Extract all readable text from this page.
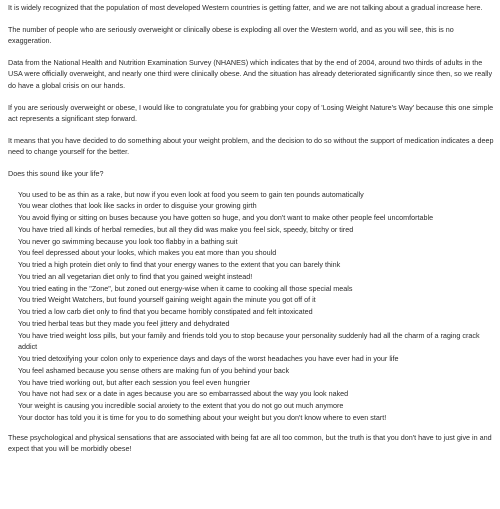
It is widely recognized that the population of most developed Western countries is getting fatter, and we are not talking about a gradual increase here.

The number of people who are seriously overweight or clinically obese is exploding all over the Western world, and as you will see, this is no exaggeration.

Data from the National Health and Nutrition Examination Survey (NHANES) which indicates that by the end of 2004, around two thirds of adults in the USA were officially overweight, and nearly one third were clinically obese. And the situation has already deteriorated significantly since then, so we really do have a global crisis on our hands.

If you are seriously overweight or obese, I would like to congratulate you for grabbing your copy of 'Losing Weight Nature's Way' because this one simple act represents a significant step forward.

It means that you have decided to do something about your weight problem, and the decision to do so without the support of medication indicates a deep need to change yourself for the better.

Does this sound like your life?

You used to be as thin as a rake, but now if you even look at food you seem to gain ten pounds automatically
You wear clothes that look like sacks in order to disguise your growing girth
You avoid flying or sitting on buses because you have gotten so huge, and you don't want to make other people feel uncomfortable
You have tried all kinds of herbal remedies, but all they did was make you feel sick, speedy, bitchy or tired
You never go swimming because you look too flabby in a bathing suit
You feel depressed about your looks, which makes you eat more than you should
You tried a high protein diet only to find that your energy wanes to the extent that you can barely think
You tried an all vegetarian diet only to find that you gained weight instead!
You tried eating in the "Zone", but zoned out energy-wise when it came to cooking all those special meals
You tried Weight Watchers, but found yourself gaining weight again the minute you got off of it
You tried a low carb diet only to find that you became horribly constipated and felt intoxicated
You tried herbal teas but they made you feel jittery and dehydrated
You have tried weight loss pills, but your family and friends told you to stop because your personality suddenly had all the charm of a raging crack addict
You tried detoxifying your colon only to experience days and days of the worst headaches you have ever had in your life
You feel ashamed because you sense others are making fun of you behind your back
You have tried working out, but after each session you feel even hungrier
You have not had sex or a date in ages because you are so embarrassed about the way you look naked
Your weight is causing you incredible social anxiety to the extent that you do not go out much anymore
Your doctor has told you it is time for you to do something about your weight but you don't know where to even start!

These psychological and physical sensations that are associated with being fat are all too common, but the truth is that you don't have to just give in and expect that you will be morbidly obese!
